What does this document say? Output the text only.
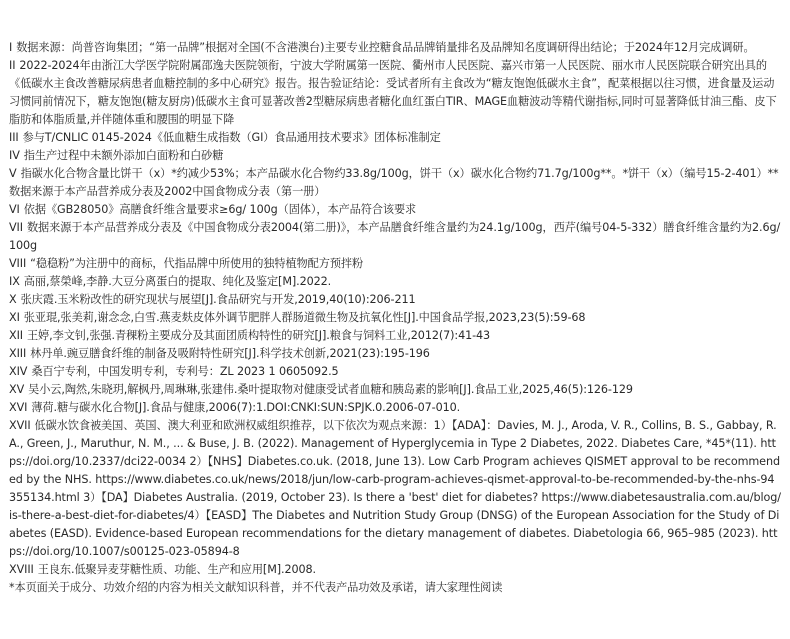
I 数据来源：尚普咨询集团；“第一品牌”根据对全国(不含港澳台)主要专业控糖食品品牌销量排名及品牌知名度调研得出结论；于2024年12月完成调研。

II 2022-2024年由浙江大学医学院附属邵逸夫医院领衔，宁波大学附属第一医院、衢州市人民医院、嘉兴市第一人民医院、丽水市人民医院联合研究出具的《低碳水主食改善糖尿病患者血糖控制的多中心研究》报告。报告验证结论：受试者所有主食改为“糖友饱饱低碳水主食”，配菜根据以往习惯，进食量及运动习惯同前情况下，糖友饱饱(糖友厨房)低碳水主食可显著改善2型糖尿病患者糖化血红蛋白TIR、MAGE血糖波动等精代谢指标,同时可显著降低甘油三酯、皮下脂肪和体脂质量,并伴随体重和腰围的明显下降

III 参与T/CNLIC 0145-2024《低血糖生成指数（GI）食品通用技术要求》团体标准制定

IV 指生产过程中未额外添加白面粉和白砂糖

V 指碳水化合物含量比饼干（x）*约减少53%；本产品碳水化合物约33.8g/100g，饼干（x）碳水化合物约71.7g/100g**。*饼干（x）（编号15-2-401）**数据来源于本产品营养成分表及2002中国食物成分表（第一册）

VI 依据《GB28050》高膳食纤维含量要求≥6g/ 100g（固体），本产品符合该要求

VII 数据来源于本产品营养成分表及《中国食物成分表2004(第二册)》，本产品膳食纤维含量约为24.1g/100g，西芹(编号04-5-332）膳食纤维含量约为2.6g/100g

VIII “稳稳粉”为注册中的商标，代指品牌中所使用的独特植物配方预拌粉

IX 高丽,蔡榮峰,李静.大豆分离蛋白的提取、纯化及鉴定[M].2022.

X 张庆霞.玉米粉改性的研究现状与展望[J].食品研究与开发,2019,40(10):206-211

XI 张亚琨,张美莉,谢念念,白雪.燕麦麸皮体外调节肥胖人群肠道微生物及抗氧化性[J].中国食品学报,2023,23(5):59-68

XII 王婷,李文钊,张强.青稞粉主要成分及其面团质构特性的研究[J].粮食与饲料工业,2012(7):41-43

XIII 林丹单.豌豆膳食纤维的制备及吸附特性研究[J].科学技术创新,2021(23):195-196

XIV 桑百宁专利，中国发明专利，专利号：ZL 2023 1 0605092.5

XV 吴小云,陶然,朱晓玥,解枫丹,周琳琳,张建伟.桑叶提取物对健康受试者血糖和胰岛素的影响[J].食品工业,2025,46(5):126-129

XVI 薄荷.糖与碳水化合物[J].食品与健康,2006(7):1.DOI:CNKI:SUN:SPJK.0.2006-07-010.

XVII 低碳水饮食被美国、英国、澳大利亚和欧洲权威组织推荐，以下依次为观点来源：1）【ADA】：Davies, M. J., Aroda, V. R., Collins, B. S., Gabbay, R. A., Green, J., Maruthur, N. M., ... & Buse, J. B. (2022). Management of Hyperglycemia in Type 2 Diabetes, 2022. Diabetes Care, *45*(11). https://doi.org/10.2337/dci22-0034 2）【NHS】Diabetes.co.uk. (2018, June 13). Low Carb Program achieves QISMET approval to be recommended by the NHS. https://www.diabetes.co.uk/news/2018/jun/low-carb-program-achieves-qismet-approval-to-be-recommended-by-the-nhs-94355134.html 3）【DA】Diabetes Australia. (2019, October 23). Is there a 'best' diet for diabetes? https://www.diabetesaustralia.com.au/blog/is-there-a-best-diet-for-diabetes/4）【EASD】The Diabetes and Nutrition Study Group (DNSG) of the European Association for the Study of Diabetes (EASD). Evidence-based European recommendations for the dietary management of diabetes. Diabetologia 66, 965–985 (2023). https://doi.org/10.1007/s00125-023-05894-8

XVIII 王良东.低聚异麦芽糖性质、功能、生产和应用[M].2008.

*本页面关于成分、功效介绍的内容为相关文献知识科普，并不代表产品功效及承诺，请大家理性阅读
